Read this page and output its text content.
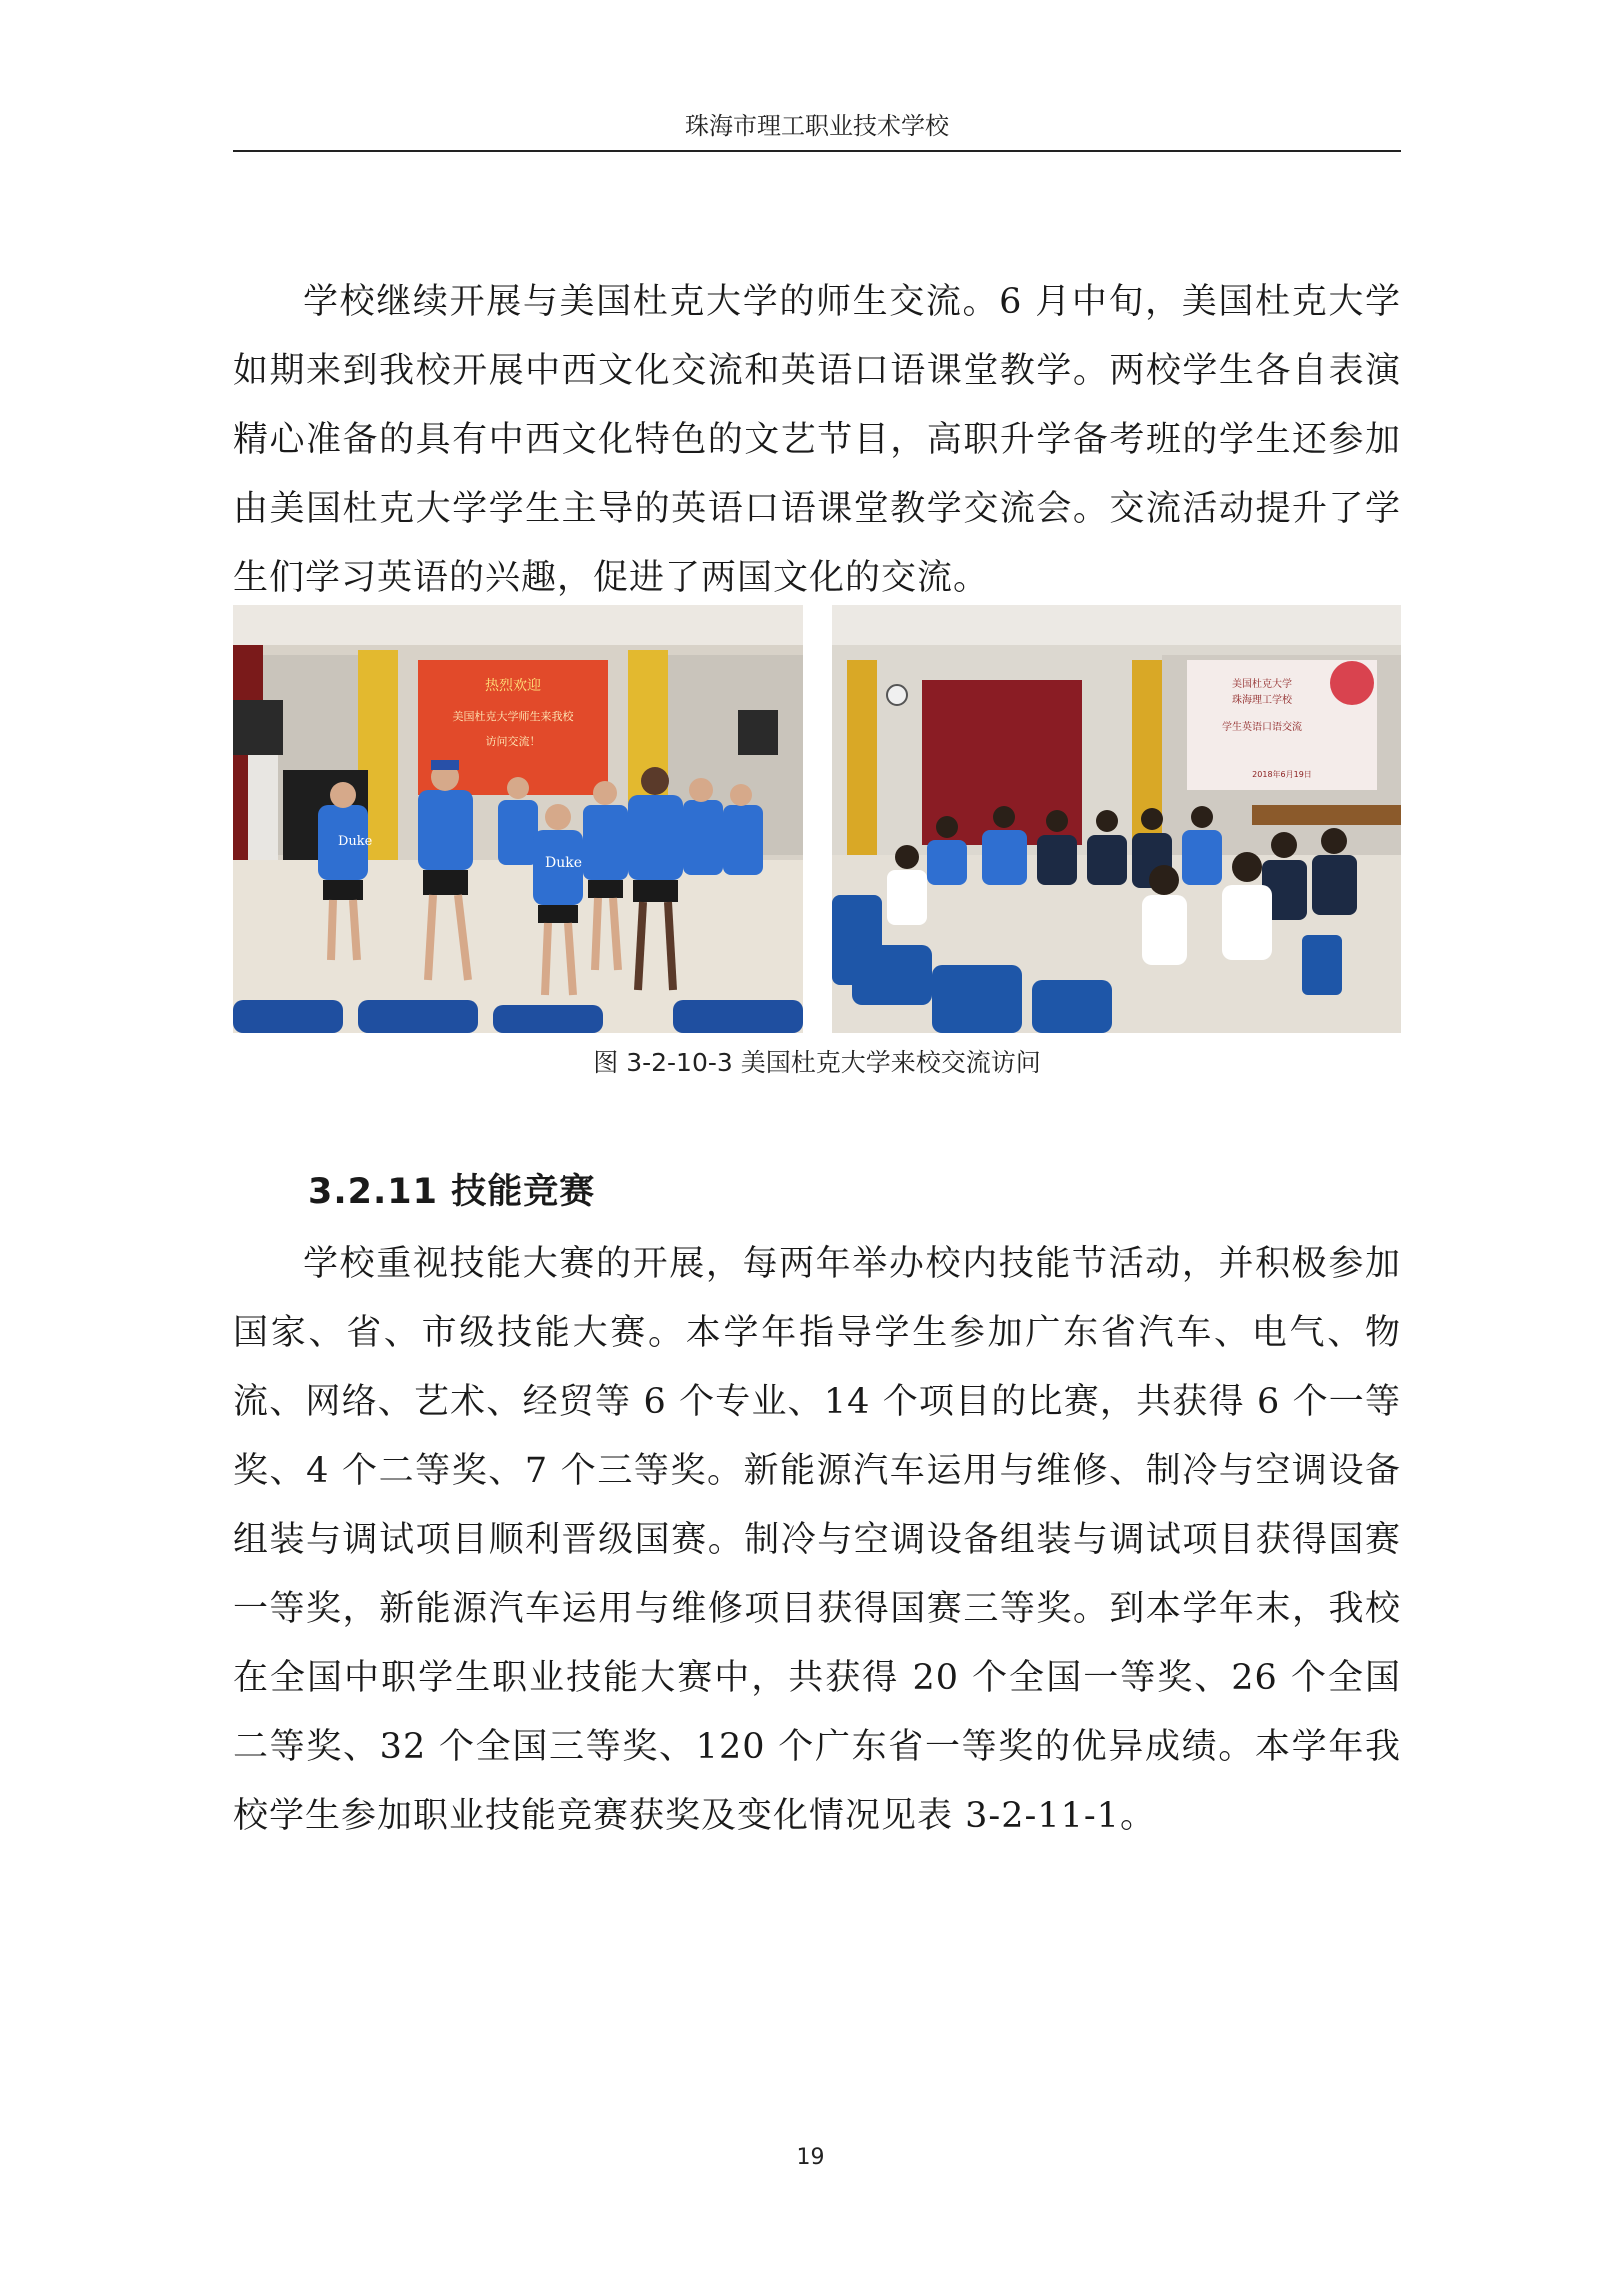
珠海市理工职业技术学校

学校继续开展与美国杜克大学的师生交流。6 月中旬，美国杜克大学如期来到我校开展中西文化交流和英语口语课堂教学。两校学生各自表演精心准备的具有中西文化特色的文艺节目，高职升学备考班的学生还参加由美国杜克大学学生主导的英语口语课堂教学交流会。交流活动提升了学生们学习英语的兴趣，促进了两国文化的交流。

热烈欢迎
美国杜克大学师生来我校
访问交流！
Duke
Duke
美国杜克大学
珠海理工学校
学生英语口语交流
2018年6月19日
图 3-2-10-3 美国杜克大学来校交流访问
3.2.11 技能竞赛

学校重视技能大赛的开展，每两年举办校内技能节活动，并积极参加国家、省、市级技能大赛。本学年指导学生参加广东省汽车、电气、物流、网络、艺术、经贸等 6 个专业、14 个项目的比赛，共获得 6 个一等奖、4 个二等奖、7 个三等奖。新能源汽车运用与维修、制冷与空调设备组装与调试项目顺利晋级国赛。制冷与空调设备组装与调试项目获得国赛一等奖，新能源汽车运用与维修项目获得国赛三等奖。到本学年末，我校在全国中职学生职业技能大赛中，共获得 20 个全国一等奖、26 个全国二等奖、32 个全国三等奖、120 个广东省一等奖的优异成绩。本学年我校学生参加职业技能竞赛获奖及变化情况见表 3-2-11-1。

19
